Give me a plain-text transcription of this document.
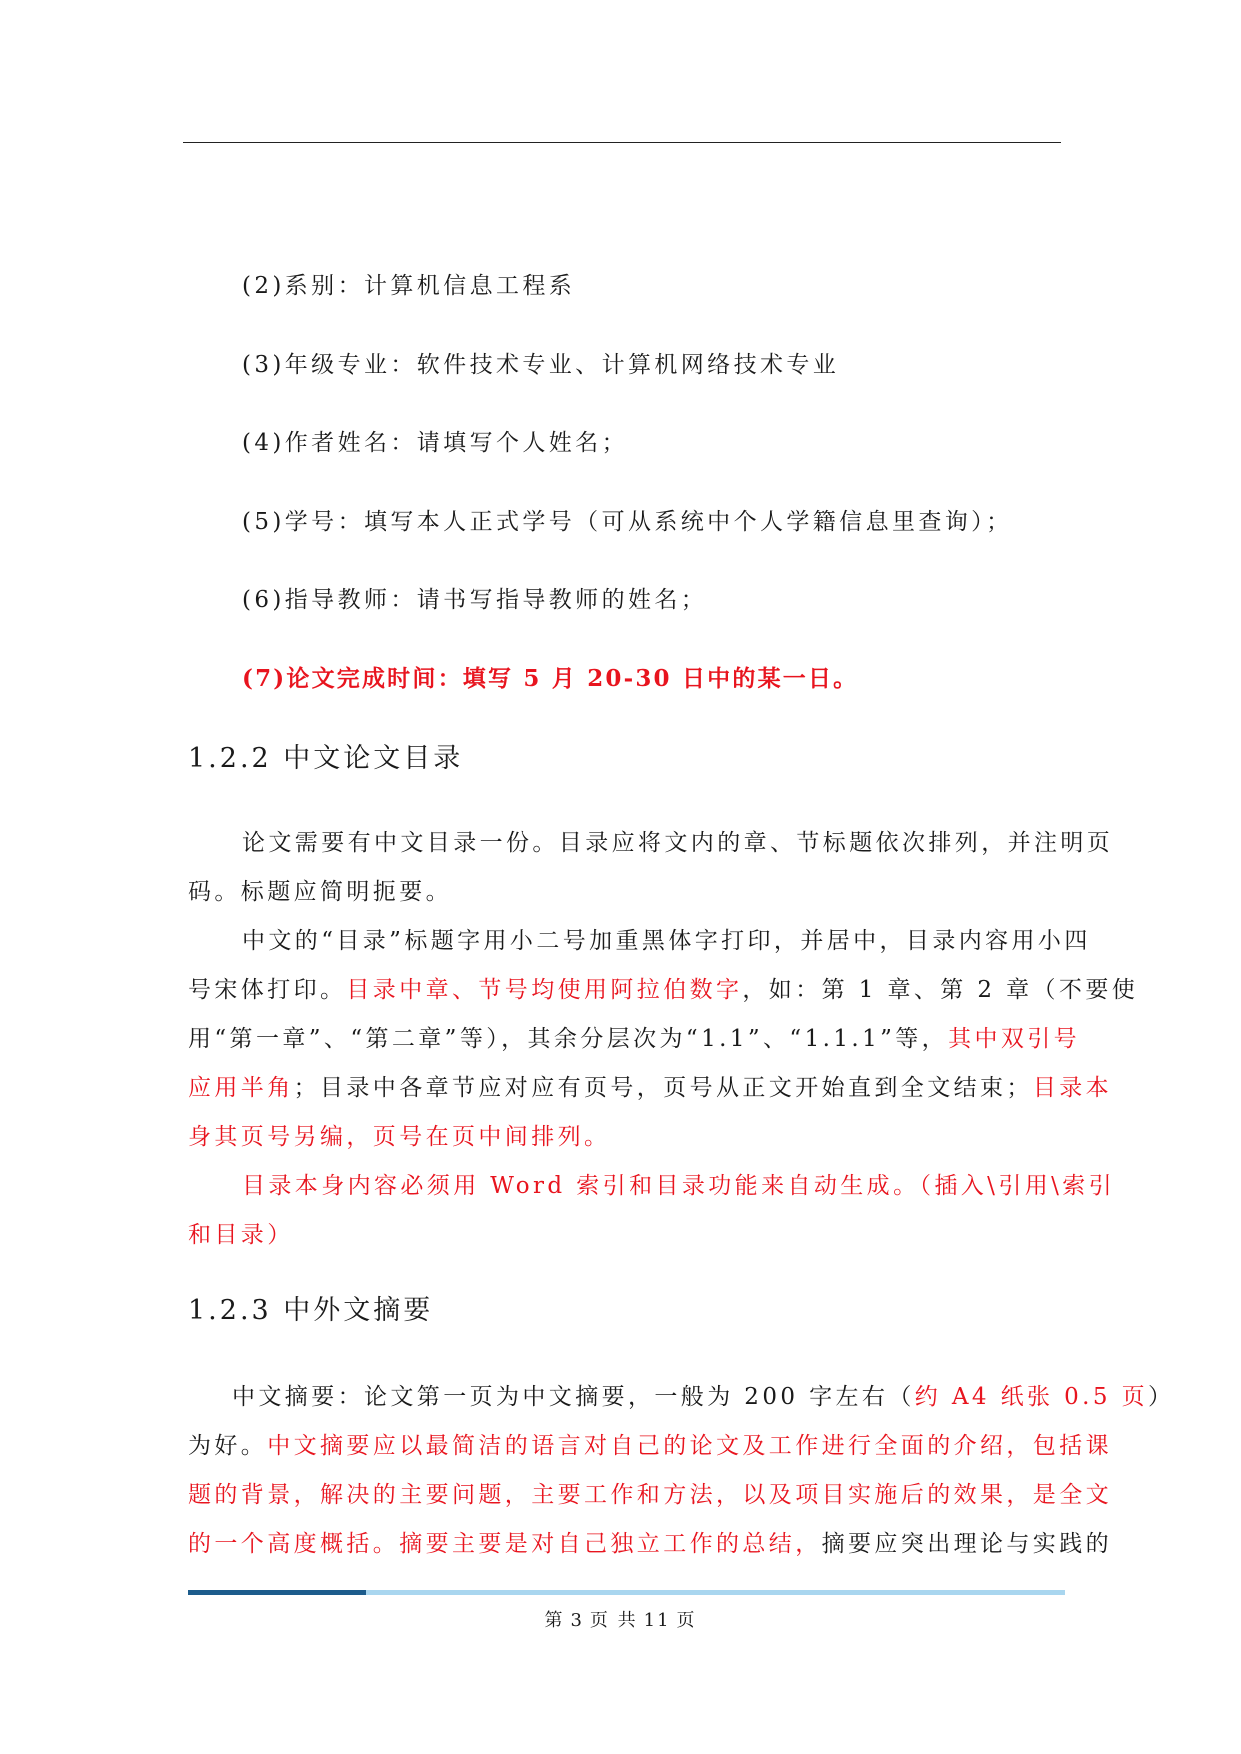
(2)系别：计算机信息工程系
(3)年级专业：软件技术专业、计算机网络技术专业
(4)作者姓名：请填写个人姓名；
(5)学号：填写本人正式学号（可从系统中个人学籍信息里查询）；
(6)指导教师：请书写指导教师的姓名；
(7)论文完成时间：填写 5 月 20-30 日中的某一日。
1.2.2 中文论文目录
论文需要有中文目录一份。目录应将文内的章、节标题依次排列，并注明页
码。标题应简明扼要。
中文的“目录”标题字用小二号加重黑体字打印，并居中，目录内容用小四
号宋体打印。目录中章、节号均使用阿拉伯数字，如：第 1 章、第 2 章（不要使
用“第一章”、“第二章”等），其余分层次为“1.1”、“1.1.1”等，其中双引号
应用半角；目录中各章节应对应有页号，页号从正文开始直到全文结束；目录本
身其页号另编，页号在页中间排列。
目录本身内容必须用 Word 索引和目录功能来自动生成。（插入\引用\索引
和目录）
1.2.3 中外文摘要
中文摘要：论文第一页为中文摘要，一般为 200 字左右（约 A4 纸张 0.5 页）
为好。中文摘要应以最简洁的语言对自己的论文及工作进行全面的介绍，包括课
题的背景，解决的主要问题，主要工作和方法，以及项目实施后的效果，是全文
的一个高度概括。摘要主要是对自己独立工作的总结，摘要应突出理论与实践的
第 3 页 共 11 页
